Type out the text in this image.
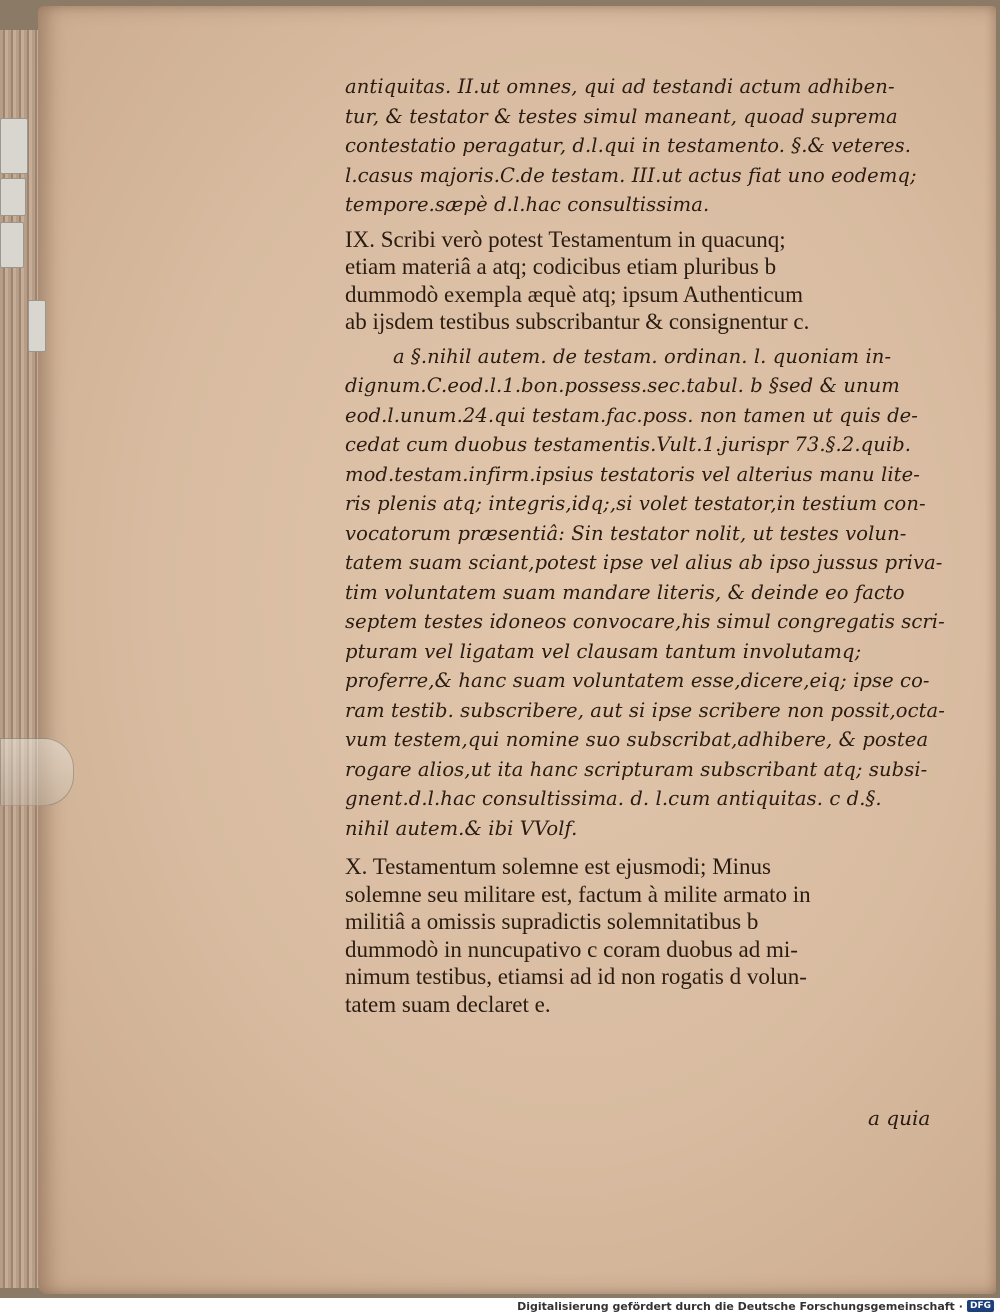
antiquitas. II.ut omnes, qui ad testandi actum adhiben-
tur, & testator & testes simul maneant, quoad suprema
contestatio peragatur, d.l.qui in testamento. §.& veteres.
l.casus majoris.C.de testam. III.ut actus fiat uno eodemq;
tempore.sæpè d.l.hac consultissima.
IX. Scribi verò potest Testamentum in quacunq;
etiam materiâ a atq; codicibus etiam pluribus b
dummodò exempla æquè atq; ipsum Authenticum
ab ijsdem testibus subscribantur & consignentur c.
a §.nihil autem. de testam. ordinan. l. quoniam in-
dignum.C.eod.l.1.bon.possess.sec.tabul. b §sed & unum
eod.l.unum.24.qui testam.fac.poss. non tamen ut quis de-
cedat cum duobus testamentis.Vult.1.jurispr 73.§.2.quib.
mod.testam.infirm.ipsius testatoris vel alterius manu lite-
ris plenis atq; integris,idq;,si volet testator,in testium con-
vocatorum præsentiâ: Sin testator nolit, ut testes volun-
tatem suam sciant,potest ipse vel alius ab ipso jussus priva-
tim voluntatem suam mandare literis, & deinde eo facto
septem testes idoneos convocare,his simul congregatis scri-
pturam vel ligatam vel clausam tantum involutamq;
proferre,& hanc suam voluntatem esse,dicere,eiq; ipse co-
ram testib. subscribere, aut si ipse scribere non possit,octa-
vum testem,qui nomine suo subscribat,adhibere, & postea
rogare alios,ut ita hanc scripturam subscribant atq; subsi-
gnent.d.l.hac consultissima. d. l.cum antiquitas. c d.§.
nihil autem.& ibi VVolf.
X. Testamentum solemne est ejusmodi; Minus
solemne seu militare est, factum à milite armato in
militiâ a omissis supradictis solemnitatibus b
dummodò in nuncupativo c coram duobus ad mi-
nimum testibus, etiamsi ad id non rogatis d volun-
tatem suam declaret e.
a quia
Digitalisierung gefördert durch die Deutsche Forschungsgemeinschaft · DFG
